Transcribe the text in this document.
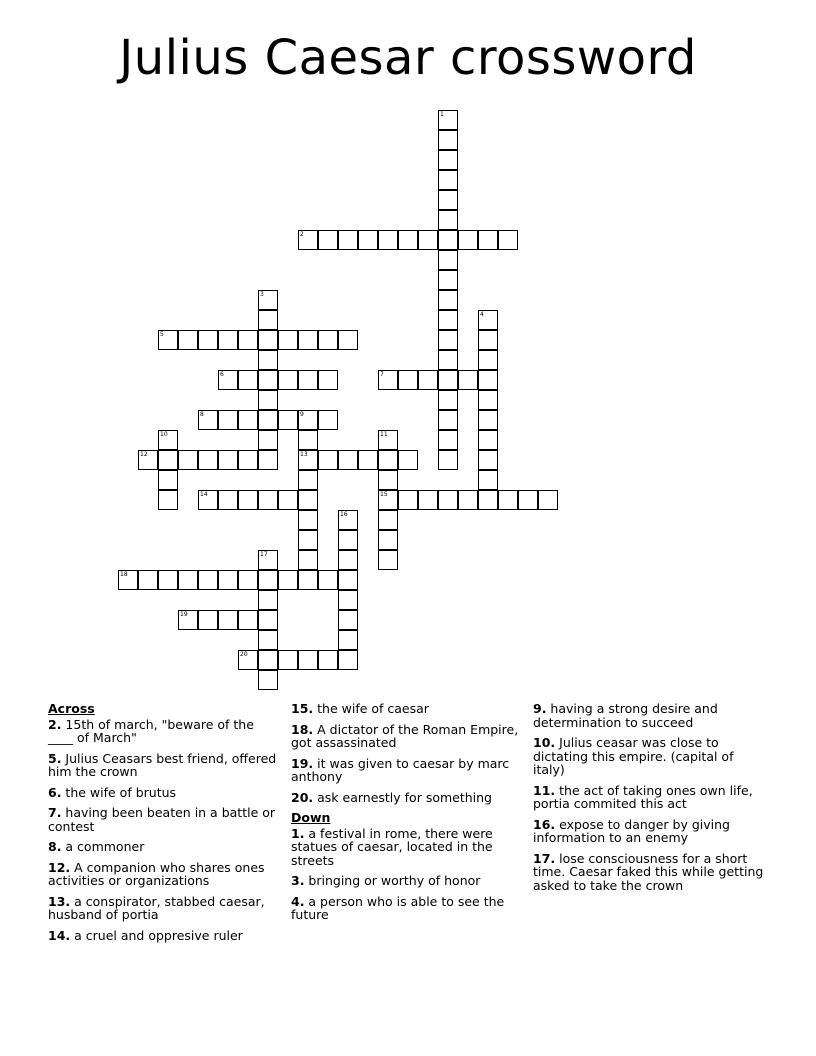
Julius Caesar crossword
1
2
3
4
5
6	7
8	9
13
10	11
15
12
14
16
17
18
19
20
Across
2. 15th of march, "beware of the ____ of March"
5. Julius Ceasars best friend, offered him the crown
6. the wife of brutus
7. having been beaten in a battle or contest
8. a commoner
12. A companion who shares ones activities or organizations
13. a conspirator, stabbed caesar, husband of portia
14. a cruel and oppresive ruler
15. the wife of caesar
18. A dictator of the Roman Empire, got assassinated
19. it was given to caesar by marc anthony
20. ask earnestly for something
Down
1. a festival in rome, there were statues of caesar, located in the streets
3. bringing or worthy of honor
4. a person who is able to see the future
9. having a strong desire and determination to succeed
10. Julius ceasar was close to dictating this empire. (capital of italy)
11. the act of taking ones own life, portia commited this act
16. expose to danger by giving information to an enemy
17. lose consciousness for a short time. Caesar faked this while getting asked to take the crown
